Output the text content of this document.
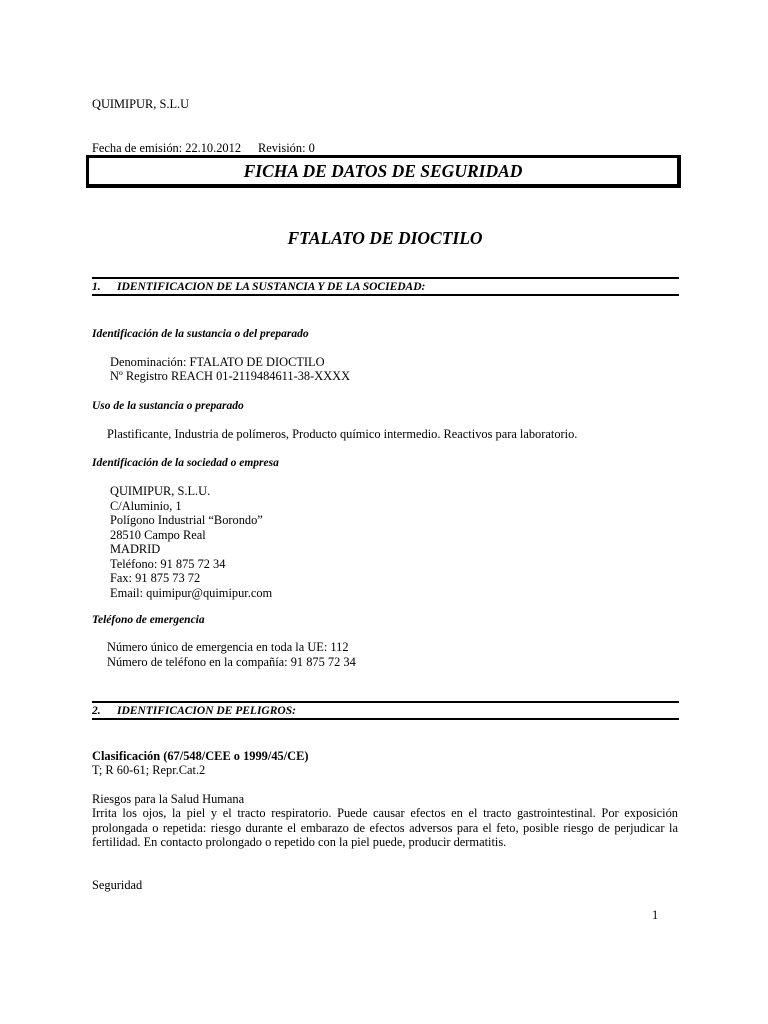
QUIMIPUR, S.L.U

Fecha de emisión: 22.10.2012 Revisión: 0

FICHA DE DATOS DE SEGURIDAD
FTALATO DE DIOCTILO
1. IDENTIFICACION DE LA SUSTANCIA Y DE LA SOCIEDAD:
Identificación de la sustancia o del preparado
Denominación: FTALATO DE DIOCTILO
Nº Registro REACH 01-2119484611-38-XXXX
Uso de la sustancia o preparado
Plastificante, Industria de polímeros, Producto químico intermedio. Reactivos para laboratorio.
Identificación de la sociedad o empresa
QUIMIPUR, S.L.U.
C/Aluminio, 1
Polígono Industrial “Borondo”
28510 Campo Real
MADRID
Teléfono: 91 875 72 34
Fax: 91 875 73 72
Email: quimipur@quimipur.com
Teléfono de emergencia
Número único de emergencia en toda la UE: 112
Número de teléfono en la compañía: 91 875 72 34
2. IDENTIFICACION DE PELIGROS:
Clasificación (67/548/CEE o 1999/45/CE)
T; R 60-61; Repr.Cat.2
Riesgos para la Salud Humana
Irrita los ojos, la piel y el tracto respiratorio. Puede causar efectos en el tracto gastrointestinal. Por exposición prolongada o repetida: riesgo durante el embarazo de efectos adversos para el feto, posible riesgo de perjudicar la fertilidad. En contacto prolongado o repetido con la piel puede, producir dermatitis.
Seguridad
1
